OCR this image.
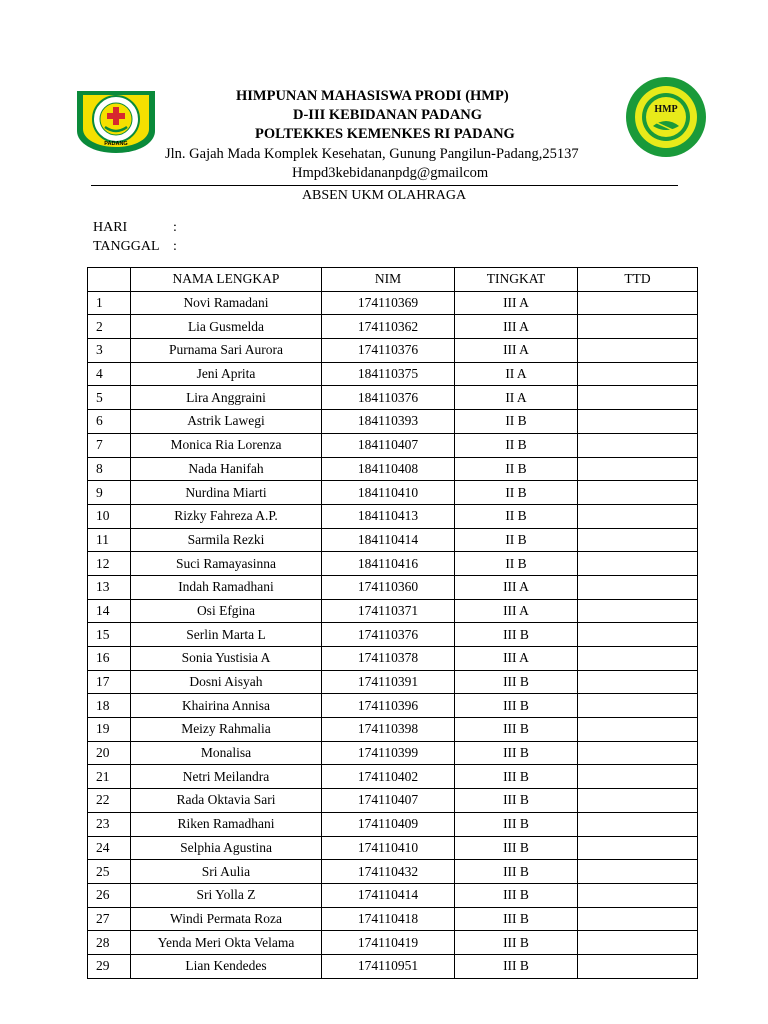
PADANG
HMP
HIMPUNAN MAHASISWA PRODI (HMP)
D-III KEBIDANAN PADANG
POLTEKKES KEMENKES RI PADANG
Jln. Gajah Mada Komplek Kesehatan, Gunung Pangilun-Padang,25137
Hmpd3kebidananpdg@gmailcom
ABSEN UKM OLAHRAGA
HARI	:
TANGGAL :
	NAMA LENGKAP	NIM	TINGKAT	TTD
1	Novi Ramadani	174110369	III A	
2	Lia Gusmelda	174110362	III A	
3	Purnama Sari Aurora	174110376	III A	
4	Jeni Aprita	184110375	II A	
5	Lira Anggraini	184110376	II A	
6	Astrik Lawegi	184110393	II B	
7	Monica Ria Lorenza	184110407	II B	
8	Nada Hanifah	184110408	II B	
9	Nurdina Miarti	184110410	II B	
10	Rizky Fahreza A.P.	184110413	II B	
11	Sarmila Rezki	184110414	II B	
12	Suci Ramayasinna	184110416	II B	
13	Indah Ramadhani	174110360	III A	
14	Osi Efgina	174110371	III A	
15	Serlin Marta L	174110376	III B	
16	Sonia Yustisia A	174110378	III A	
17	Dosni Aisyah	174110391	III B	
18	Khairina Annisa	174110396	III B	
19	Meizy Rahmalia	174110398	III B	
20	Monalisa	174110399	III B	
21	Netri Meilandra	174110402	III B	
22	Rada Oktavia Sari	174110407	III B	
23	Riken Ramadhani	174110409	III B	
24	Selphia Agustina	174110410	III B	
25	Sri Aulia	174110432	III B	
26	Sri Yolla Z	174110414	III B	
27	Windi Permata Roza	174110418	III B	
28	Yenda Meri Okta Velama	174110419	III B	
29	Lian Kendedes	174110951	III B	
